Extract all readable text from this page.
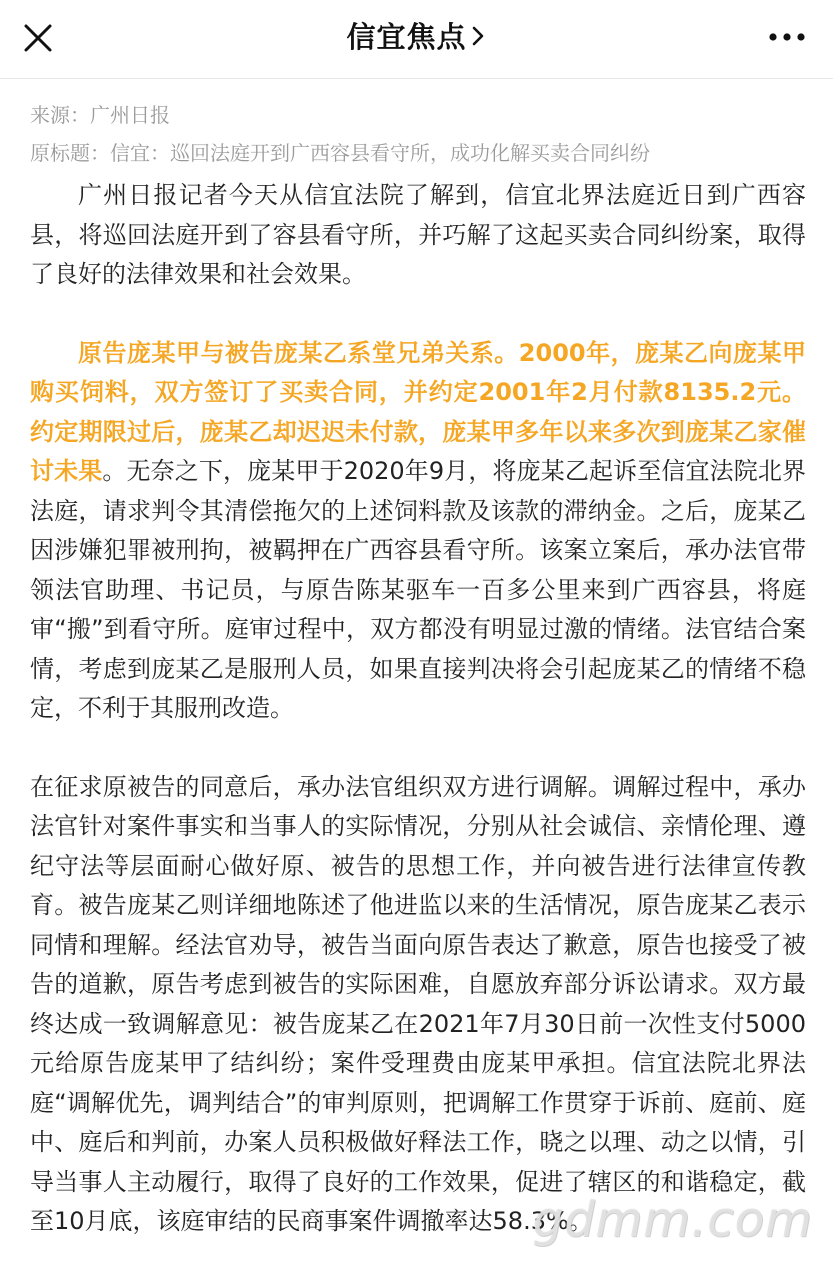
信宜焦点
来源：广州日报
原标题：信宜：巡回法庭开到广西容县看守所，成功化解买卖合同纠纷

广州日报记者今天从信宜法院了解到，信宜北界法庭近日到广西容县，将巡回法庭开到了容县看守所，并巧解了这起买卖合同纠纷案，取得了良好的法律效果和社会效果。

原告庞某甲与被告庞某乙系堂兄弟关系。2000年，庞某乙向庞某甲购买饲料，双方签订了买卖合同，并约定2001年2月付款8135.2元。约定期限过后，庞某乙却迟迟未付款，庞某甲多年以来多次到庞某乙家催讨未果。无奈之下，庞某甲于2020年9月，将庞某乙起诉至信宜法院北界法庭，请求判令其清偿拖欠的上述饲料款及该款的滞纳金。之后，庞某乙因涉嫌犯罪被刑拘，被羁押在广西容县看守所。该案立案后，承办法官带领法官助理、书记员，与原告陈某驱车一百多公里来到广西容县，将庭审“搬”到看守所。庭审过程中，双方都没有明显过激的情绪。法官结合案情，考虑到庞某乙是服刑人员，如果直接判决将会引起庞某乙的情绪不稳定，不利于其服刑改造。

在征求原被告的同意后，承办法官组织双方进行调解。调解过程中，承办法官针对案件事实和当事人的实际情况，分别从社会诚信、亲情伦理、遵纪守法等层面耐心做好原、被告的思想工作，并向被告进行法律宣传教育。被告庞某乙则详细地陈述了他进监以来的生活情况，原告庞某乙表示同情和理解。经法官劝导，被告当面向原告表达了歉意，原告也接受了被告的道歉，原告考虑到被告的实际困难，自愿放弃部分诉讼请求。双方最终达成一致调解意见：被告庞某乙在2021年7月30日前一次性支付5000元给原告庞某甲了结纠纷；案件受理费由庞某甲承担。信宜法院北界法庭“调解优先，调判结合”的审判原则，把调解工作贯穿于诉前、庭前、庭中、庭后和判前，办案人员积极做好释法工作，晓之以理、动之以情，引导当事人主动履行，取得了良好的工作效果，促进了辖区的和谐稳定，截至10月底，该庭审结的民商事案件调撤率达58.3%。

gdmm.com
